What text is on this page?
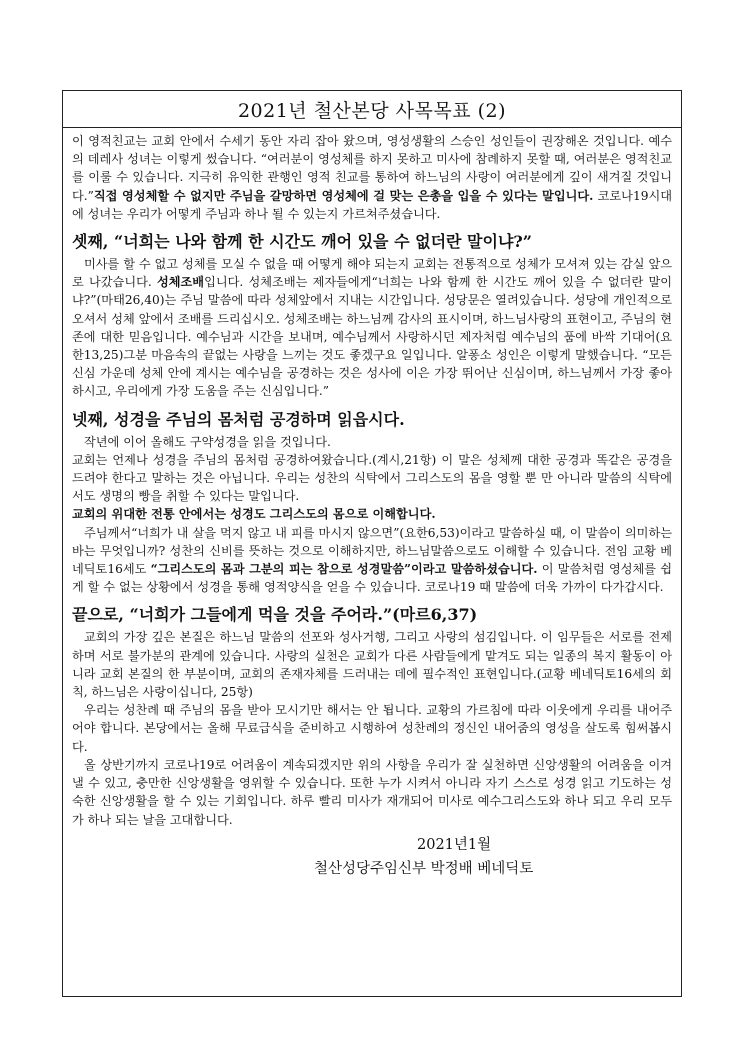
2021년 철산본당 사목목표 (2)

이 영적친교는 교회 안에서 수세기 동안 자리 잡아 왔으며, 영성생활의 스승인 성인들이 권장해온 것입니다. 예수의 데레사 성녀는 이렇게 썼습니다. “여러분이 영성체를 하지 못하고 미사에 참례하지 못할 때, 여러분은 영적친교를 이룰 수 있습니다. 지극히 유익한 관행인 영적 친교를 통하여 하느님의 사랑이 여러분에게 깊이 새겨질 것입니다.”직접 영성체할 수 없지만 주님을 갈망하면 영성체에 걸 맞는 은총을 입을 수 있다는 말입니다. 코로나19시대에 성녀는 우리가 어떻게 주님과 하나 될 수 있는지 가르쳐주셨습니다.

셋째, “너희는 나와 함께 한 시간도 깨어 있을 수 없더란 말이냐?”

미사를 할 수 없고 성체를 모실 수 없을 때 어떻게 해야 되는지 교회는 전통적으로 성체가 모셔져 있는 감실 앞으로 나갔습니다. 성체조배입니다. 성체조배는 제자들에게“너희는 나와 함께 한 시간도 깨어 있을 수 없더란 말이냐?”(마태26,40)는 주님 말씀에 따라 성체앞에서 지내는 시간입니다. 성당문은 열려있습니다. 성당에 개인적으로 오셔서 성체 앞에서 조배를 드리십시오. 성체조배는 하느님께 감사의 표시이며, 하느님사랑의 표현이고, 주님의 현존에 대한 믿음입니다. 예수님과 시간을 보내며, 예수님께서 사랑하시던 제자처럼 예수님의 품에 바싹 기대어(요한13,25)그분 마음속의 끝없는 사랑을 느끼는 것도 좋겠구요 일입니다. 알퐁소 성인은 이렇게 말했습니다. “모든 신심 가운데 성체 안에 계시는 예수님을 공경하는 것은 성사에 이은 가장 뛰어난 신심이며, 하느님께서 가장 좋아하시고, 우리에게 가장 도움을 주는 신심입니다.”

넷째, 성경을 주님의 몸처럼 공경하며 읽읍시다.

작년에 이어 올해도 구약성경을 읽을 것입니다.

교회는 언제나 성경을 주님의 몸처럼 공경하여왔습니다.(계시,21항) 이 말은 성체께 대한 공경과 똑같은 공경을 드려야 한다고 말하는 것은 아닙니다. 우리는 성찬의 식탁에서 그리스도의 몸을 영할 뿐 만 아니라 말씀의 식탁에서도 생명의 빵을 취할 수 있다는 말입니다.

교회의 위대한 전통 안에서는 성경도 그리스도의 몸으로 이해합니다.

주님께서“너희가 내 살을 먹지 않고 내 피를 마시지 않으면”(요한6,53)이라고 말씀하실 때, 이 말씀이 의미하는 바는 무엇입니까? 성찬의 신비를 뜻하는 것으로 이해하지만, 하느님말씀으로도 이해할 수 있습니다. 전임 교황 베네딕토16세도 “그리스도의 몸과 그분의 피는 참으로 성경말씀”이라고 말씀하셨습니다. 이 말씀처럼 영성체를 쉽게 할 수 없는 상황에서 성경을 통해 영적양식을 얻을 수 있습니다. 코로나19 때 말씀에 더욱 가까이 다가갑시다.

끝으로, “너희가 그들에게 먹을 것을 주어라.”(마르6,37)

교회의 가장 깊은 본질은 하느님 말씀의 선포와 성사거행, 그리고 사랑의 섬김입니다. 이 임무들은 서로를 전제하며 서로 불가분의 관계에 있습니다. 사랑의 실천은 교회가 다른 사람들에게 맡겨도 되는 일종의 복지 활동이 아니라 교회 본질의 한 부분이며, 교회의 존재자체를 드러내는 데에 필수적인 표현입니다.(교황 베네딕토16세의 회칙, 하느님은 사랑이십니다, 25항)

우리는 성찬례 때 주님의 몸을 받아 모시기만 해서는 안 됩니다. 교황의 가르침에 따라 이웃에게 우리를 내어주어야 합니다. 본당에서는 올해 무료급식을 준비하고 시행하여 성찬례의 정신인 내어줌의 영성을 살도록 힘써봅시다.

올 상반기까지 코로나19로 어려움이 계속되겠지만 위의 사항을 우리가 잘 실천하면 신앙생활의 어려움을 이겨낼 수 있고, 충만한 신앙생활을 영위할 수 있습니다. 또한 누가 시켜서 아니라 자기 스스로 성경 읽고 기도하는 성숙한 신앙생활을 할 수 있는 기회입니다. 하루 빨리 미사가 재개되어 미사로 예수그리스도와 하나 되고 우리 모두가 하나 되는 날을 고대합니다.

2021년1월
철산성당주임신부 박정배 베네딕토
